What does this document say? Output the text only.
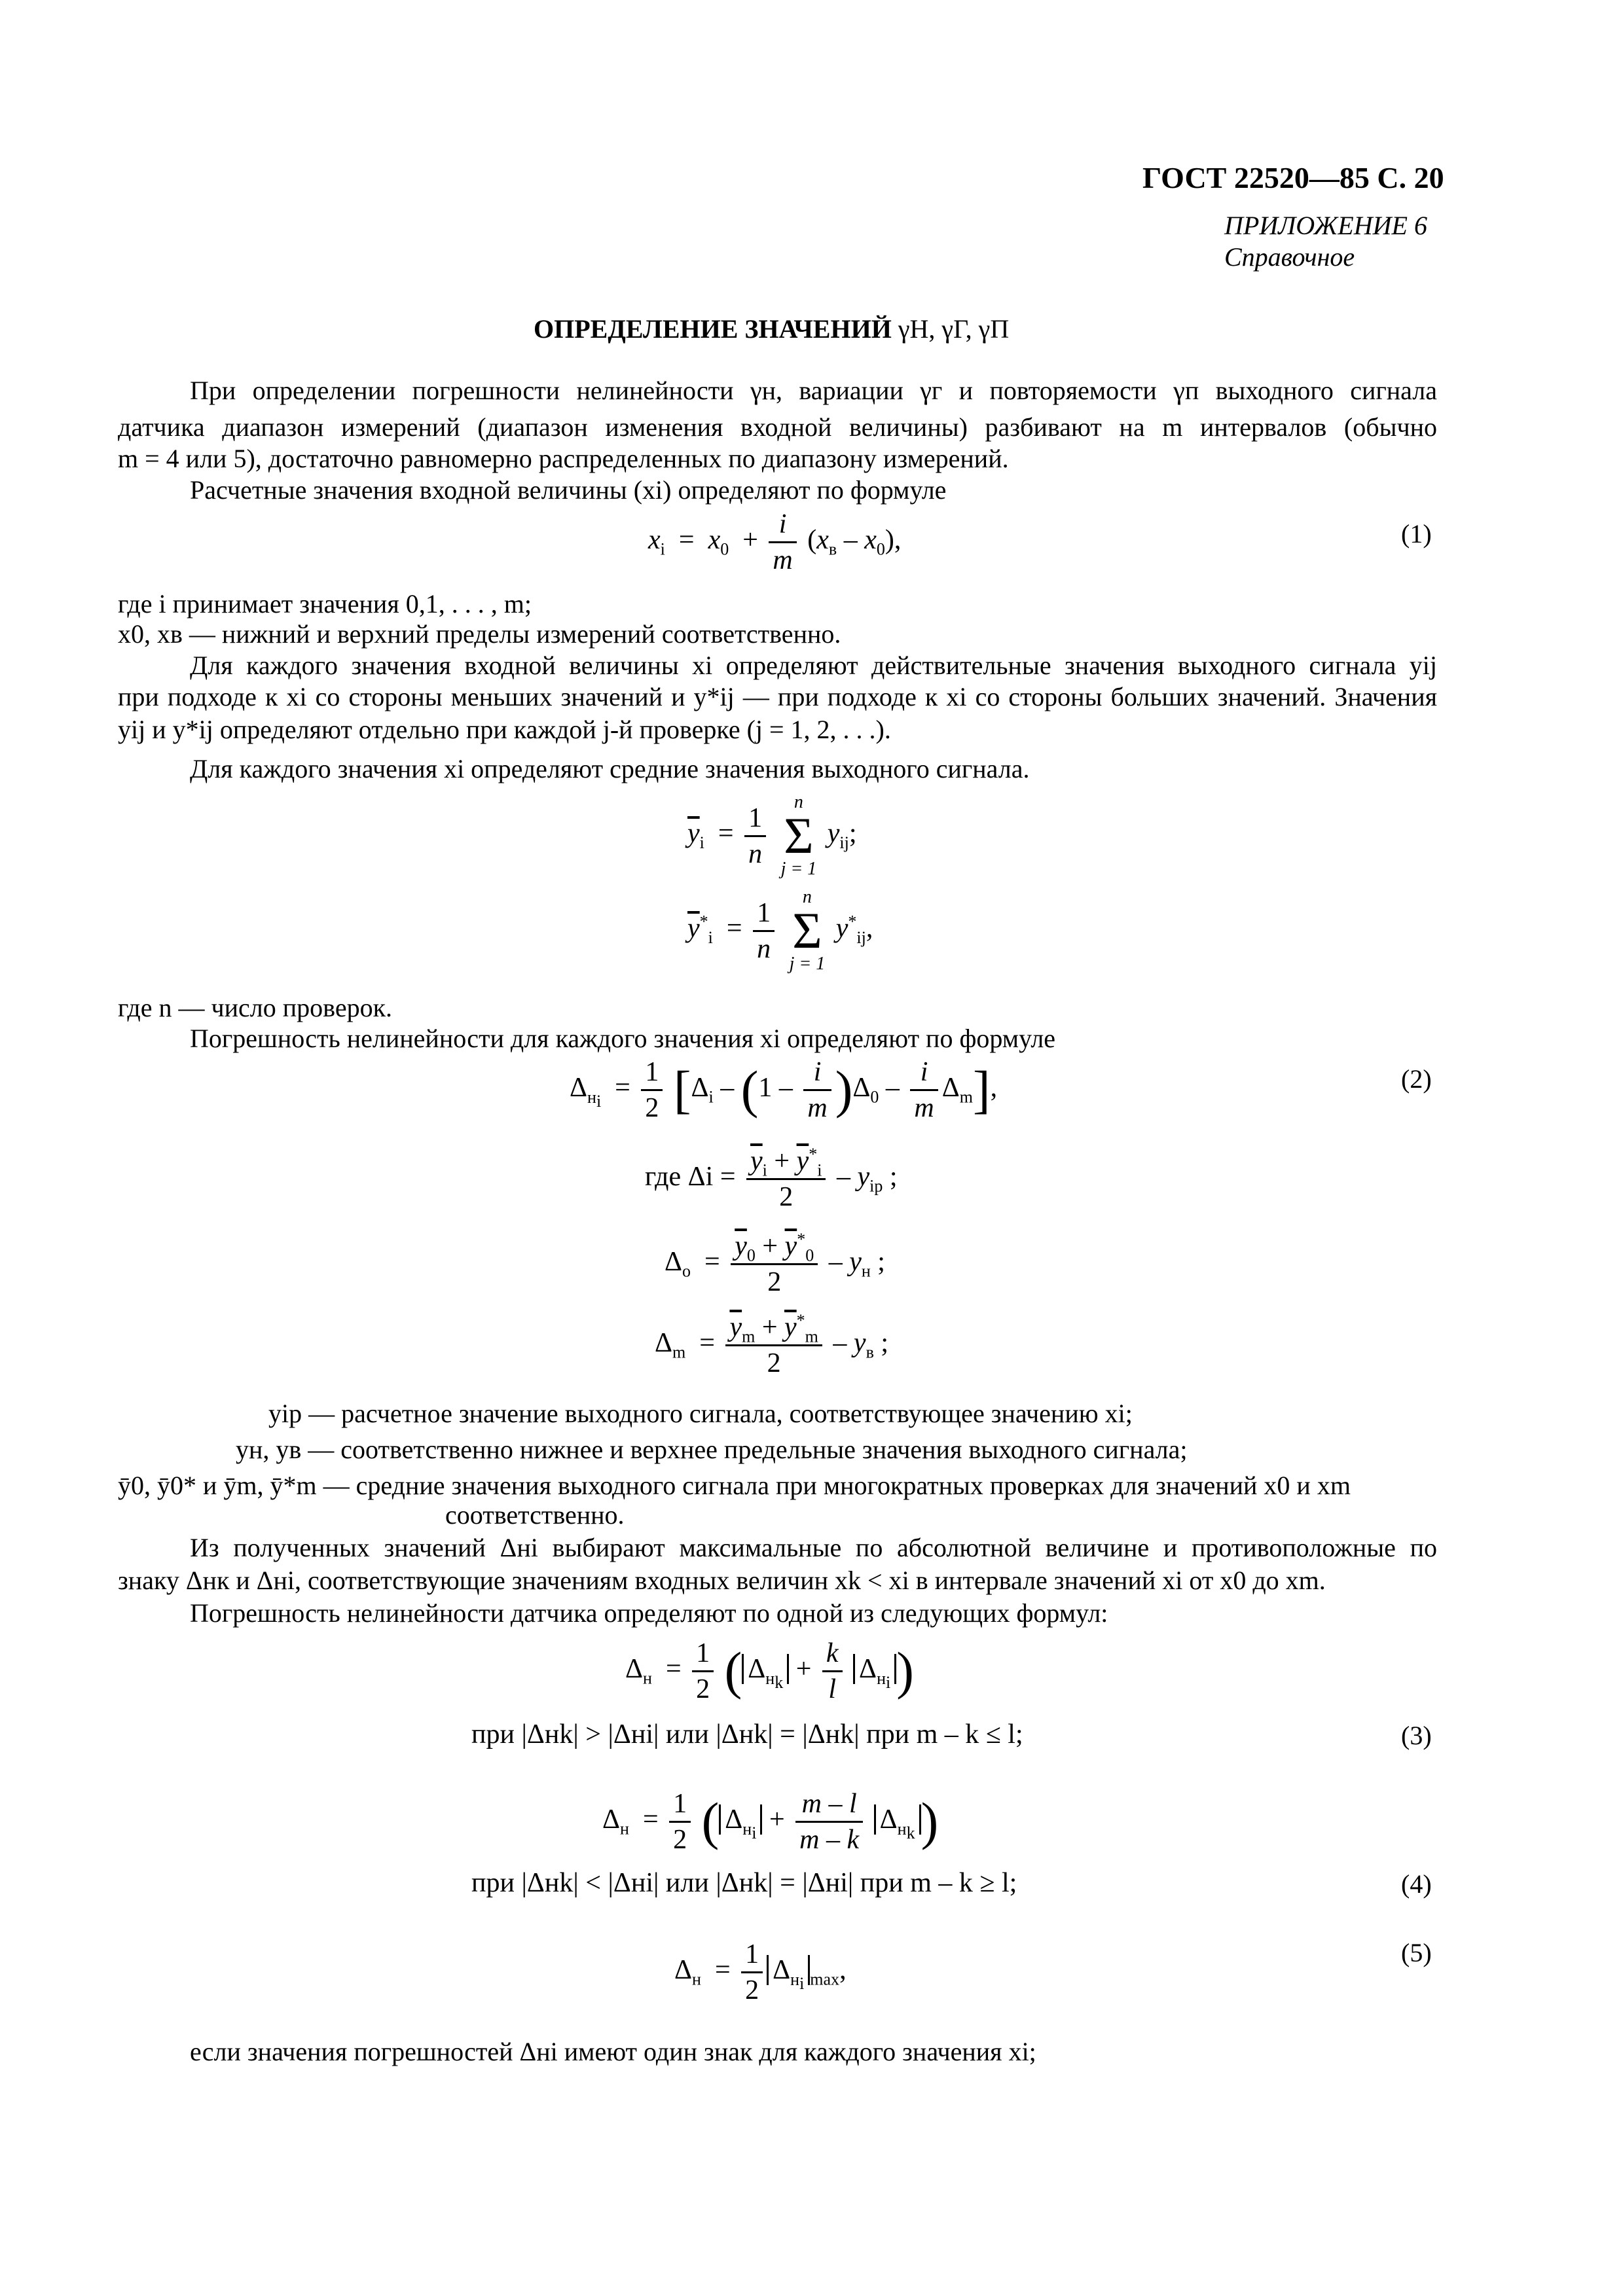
ГОСТ 22520—85 С. 20
ПРИЛОЖЕНИЕ 6
Справочное
ОПРЕДЕЛЕНИЕ ЗНАЧЕНИЙ γН, γГ, γП
При определении погрешности нелинейности γн, вариации γг и повторяемости γп выходного сигнала
датчика диапазон измерений (диапазон изменения входной величины) разбивают на m интервалов (обычно
m = 4 или 5), достаточно равномерно распределенных по диапазону измерений.
Расчетные значения входной величины (xi) определяют по формуле
$x_i = x_0 + \frac{i}{m} (x_в - x_0)$,	(1)
где i принимает значения 0,1, . . . , m;
x0, xв — нижний и верхний пределы измерений соответственно.
Для каждого значения входной величины xi определяют действительные значения выходного сигнала yij
при подходе к xi со стороны меньших значений и y*ij — при подходе к xi со стороны больших значений. Значения
yij и y*ij определяют отдельно при каждой j-й проверке (j = 1, 2, . . .).
Для каждого значения xi определяют средние значения выходного сигнала.
$\overline{y}_i = \frac{1}{n}$
	n
Σ
j = 1
$y_{ij}$;
$\overline{y}^*_i = \frac{1}{n}$
	n
Σ
j = 1
$y^*_{ij}$,
где n — число проверок.
Погрешность нелинейности для каждого значения xi определяют по формуле
$\Delta_{н_i} = \frac{1}{2} [\Delta_i - (1 - \frac{i}{m} )\Delta_0 - \frac{i}{m} \Delta_m]$,	(2)
где $\Delta i = \frac{\overline{y}_i + \overline{y}^*_i}{2} - y_{ip}$ ;
$\Delta_o = \frac{\overline{y}_0 + \overline{y}^*_0}{2} - y_н$ ;
$\Delta_m = \frac{\overline{y}_m + \overline{y}^*_m}{2} - y_в$ ;
yip — расчетное значение выходного сигнала, соответствующее значению xi;
yн, yв — соответственно нижнее и верхнее предельные значения выходного сигнала;
ȳ0, ȳ0* и ȳm, ȳ*m — средние значения выходного сигнала при многократных проверках для значений x0 и xm
соответственно.
Из полученных значений Δнi выбирают максимальные по абсолютной величине и противоположные по
знаку Δнк и Δнi, соответствующие значениям входных величин xk < xi в интервале значений xi от x0 до xm.
Погрешность нелинейности датчика определяют по одной из следующих формул:
$\Delta_н = \frac{1}{2}$ ( $\Delta_{н_k} + \frac{k}{l} \Delta_{н_i}$ )
при |Δнk| > |Δнi| или |Δнk| = |Δнk| при m – k ≤ l;	(3)
$\Delta_н = \frac{1}{2}$ ( $\Delta_{н_i} + \frac{m - l}{m - k} \Delta_{н_k}$ )
при |Δнk| < |Δнi| или |Δнk| = |Δнi| при m – k ≥ l;	(4)
$\Delta_н = \frac{1}{2} \Delta_{н_i}$ $_{max}$,
(5)
если значения погрешностей Δнi имеют один знак для каждого значения xi;
